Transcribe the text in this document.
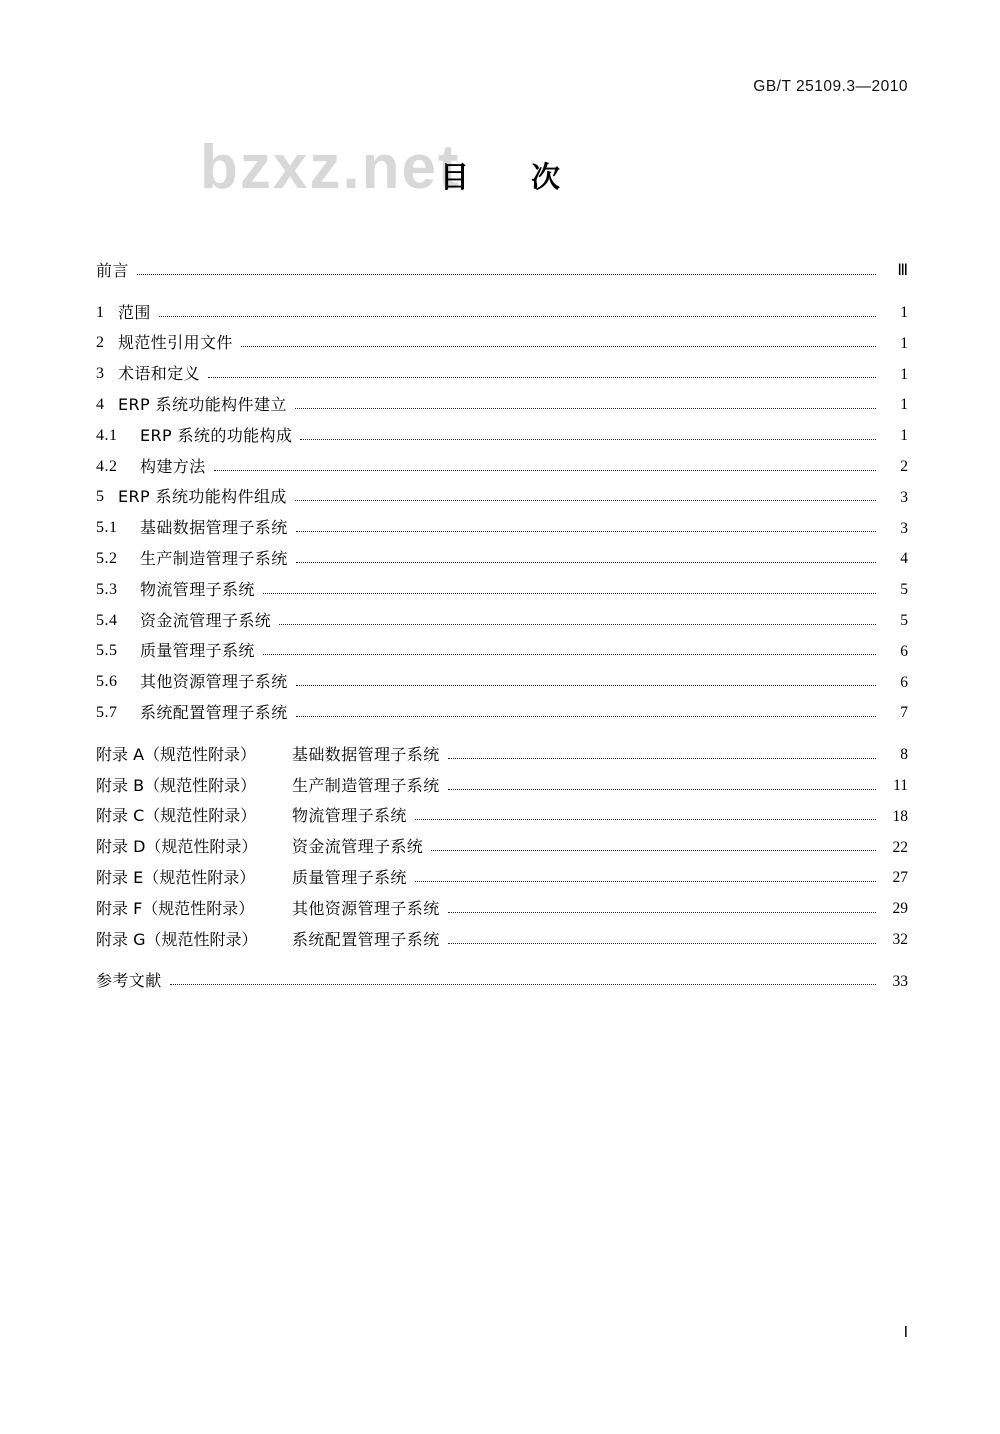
GB/T 25109.3—2010
bzxz.net
目 次
前言	Ⅲ
1 范围	1
2 规范性引用文件	1
3 术语和定义	1
4 ERP 系统功能构件建立	1
4.1	ERP 系统的功能构成	1
4.2	构建方法	2
5 ERP 系统功能构件组成	3
5.1	基础数据管理子系统	3
5.2	生产制造管理子系统	4
5.3	物流管理子系统	5
5.4	资金流管理子系统	5
5.5	质量管理子系统	6
5.6	其他资源管理子系统	6
5.7	系统配置管理子系统	7
附录 A（规范性附录）	基础数据管理子系统	8
附录 B（规范性附录）	生产制造管理子系统	11
附录 C（规范性附录）	物流管理子系统	18
附录 D（规范性附录）	资金流管理子系统	22
附录 E（规范性附录）	质量管理子系统	27
附录 F（规范性附录）	其他资源管理子系统	29
附录 G（规范性附录）	系统配置管理子系统	32
参考文献	33
Ⅰ
